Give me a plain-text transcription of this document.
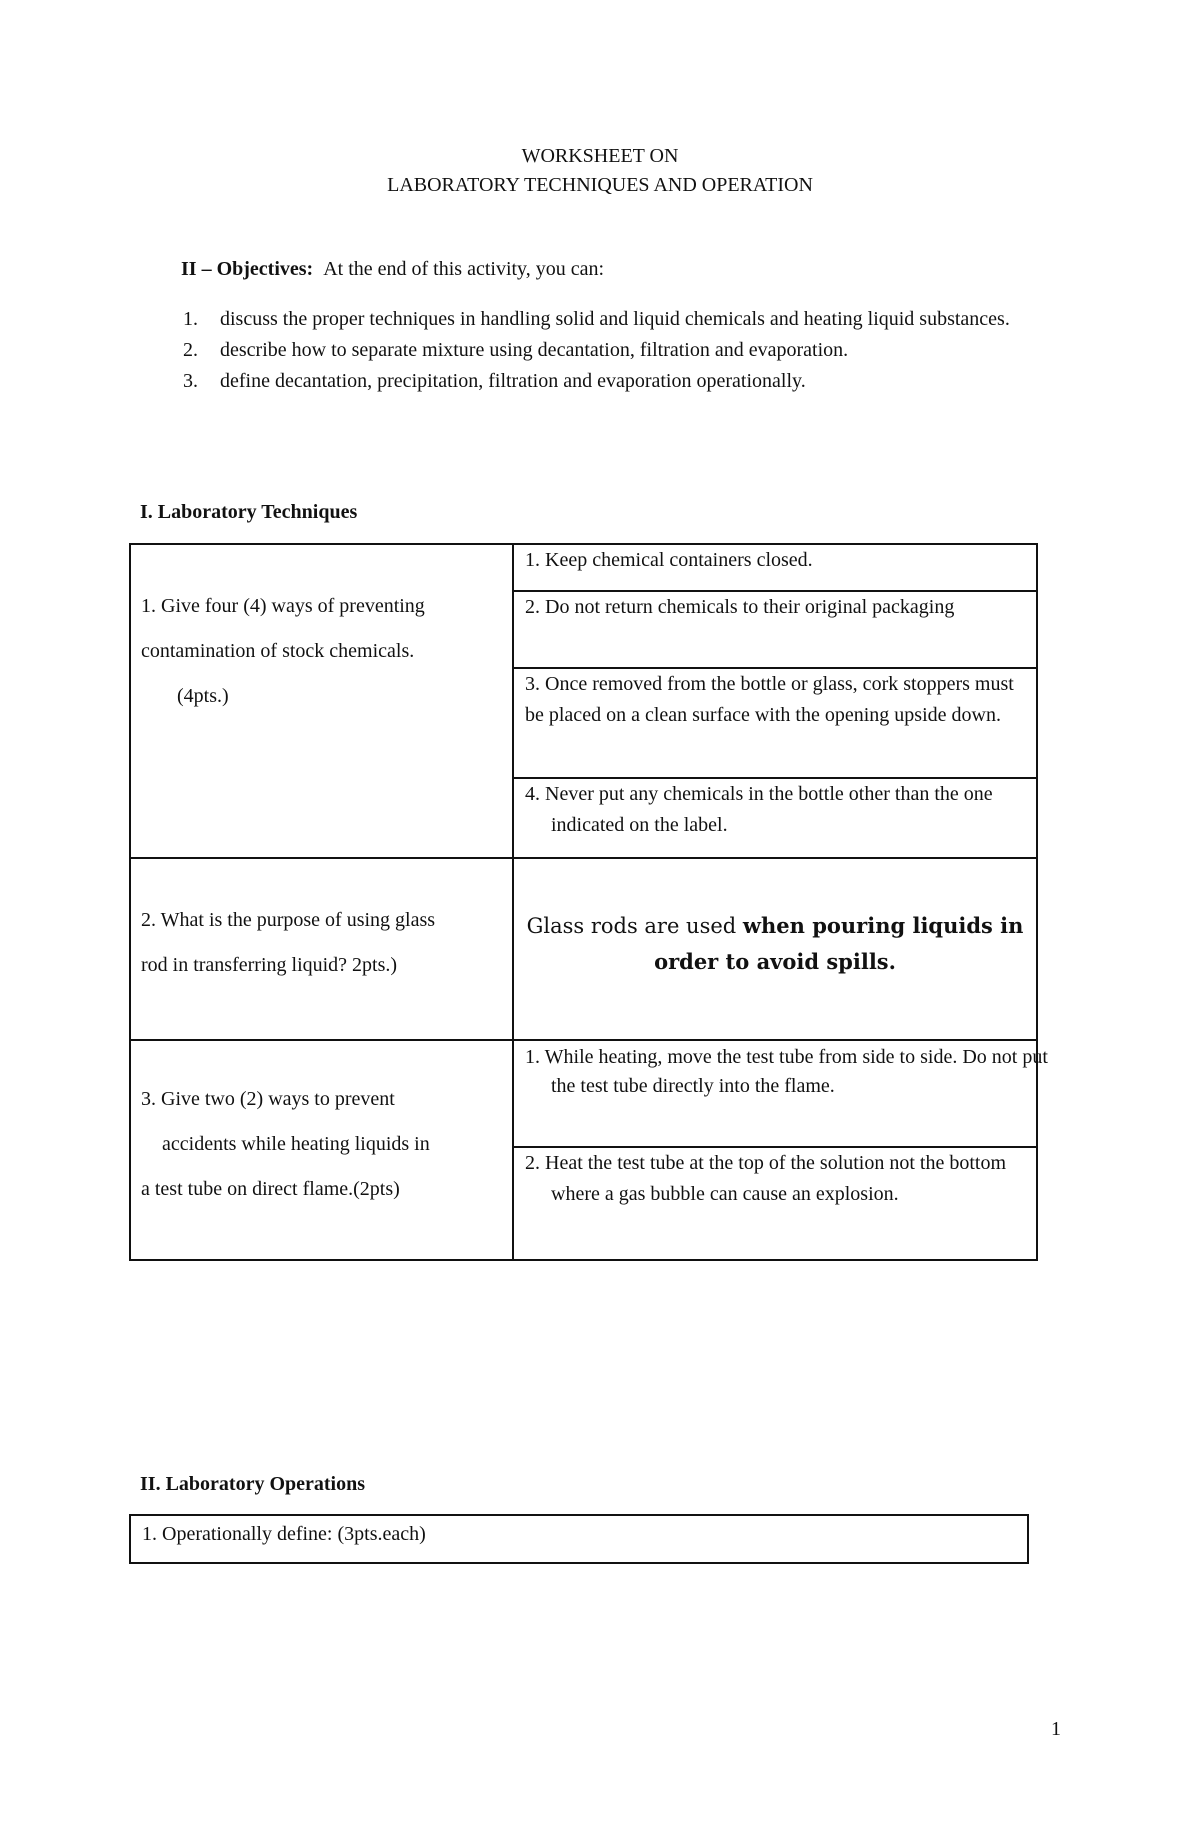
WORKSHEET ON
LABORATORY TECHNIQUES AND OPERATION
II – Objectives: At the end of this activity, you can:
1. discuss the proper techniques in handling solid and liquid chemicals and heating liquid substances.
2. describe how to separate mixture using decantation, filtration and evaporation.
3. define decantation, precipitation, filtration and evaporation operationally.
I. Laboratory Techniques
1. Give four (4) ways of preventing
contamination of stock chemicals.
(4pts.)
1. Keep chemical containers closed.
2. Do not return chemicals to their original packaging
3. Once removed from the bottle or glass, cork stoppers must be placed on a clean surface with the opening upside down.
4. Never put any chemicals in the bottle other than the one indicated on the label.
2. What is the purpose of using glass
rod in transferring liquid? 2pts.)
Glass rods are used when pouring liquids in order to avoid spills.
3. Give two (2) ways to prevent
accidents while heating liquids in
a test tube on direct flame.(2pts)
1. While heating, move the test tube from side to side. Do not put the test tube directly into the flame.
2. Heat the test tube at the top of the solution not the bottom where a gas bubble can cause an explosion.
II. Laboratory Operations
1. Operationally define: (3pts.each)
1
